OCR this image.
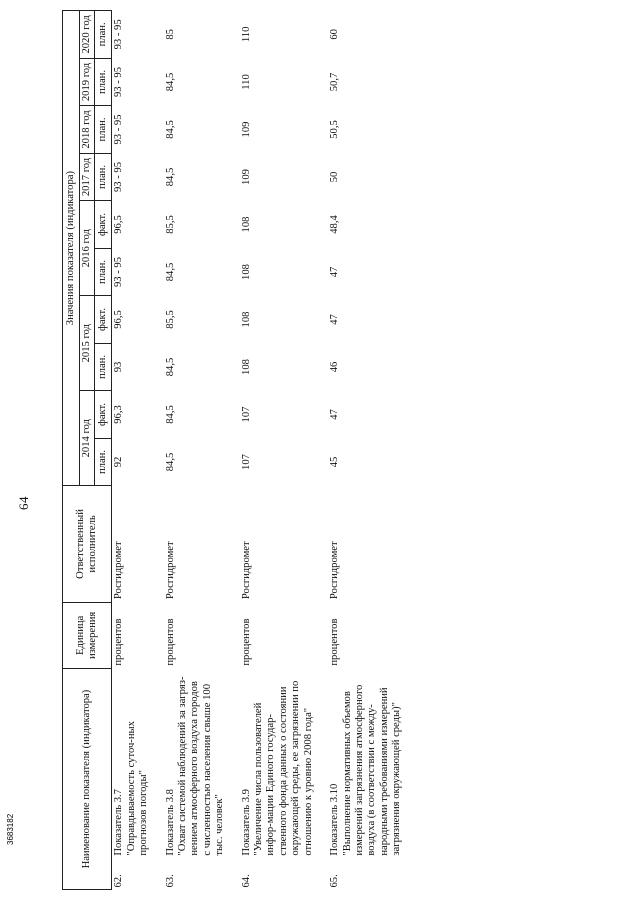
64
Наименование показателя (индикатора)		Единица измерения	Ответственный исполнитель	Значения показателя (индикатора)									
				2014 год		2015 год		2016 год		2017 год	2018 год	2019 год	2020 год

				план.	факт.	план.	факт.	план.	факт.	план.	план.	план.	план.
62.	Показатель 3.7 "Оправдываемость суточ-ных прогнозов погоды"	процентов	Росгидромет	92	96,3	93	96,5	93 - 95	96,5	93 - 95	93 - 95	93 - 95	93 - 95

63.	Показатель 3.8 "Охват системой наблюдений за загряз-нением атмосферного воздуха городов с численностью населения свыше 100 тыс. человек"	процентов	Росгидромет	84,5	84,5	84,5	85,5	84,5	85,5	84,5	84,5	84,5	85

64.	Показатель 3.9 "Увеличение числа пользователей инфор-мации Единого государ-ственного фонда данных о состоянии окружающей среды, ее загрязнении по отношению к уровню 2008 года"	процентов	Росгидромет	107	107	108	108	108	108	109	109	110	110

65.	Показатель 3.10 "Выполнение нормативных объемов измерений загрязнения атмосферного воздуха (в соответствии с между-народными требованиями измерений загрязнения окружающей среды)"	процентов	Росгидромет	45	47	46	47	47	48,4	50	50,5	50,7	60
3683182
